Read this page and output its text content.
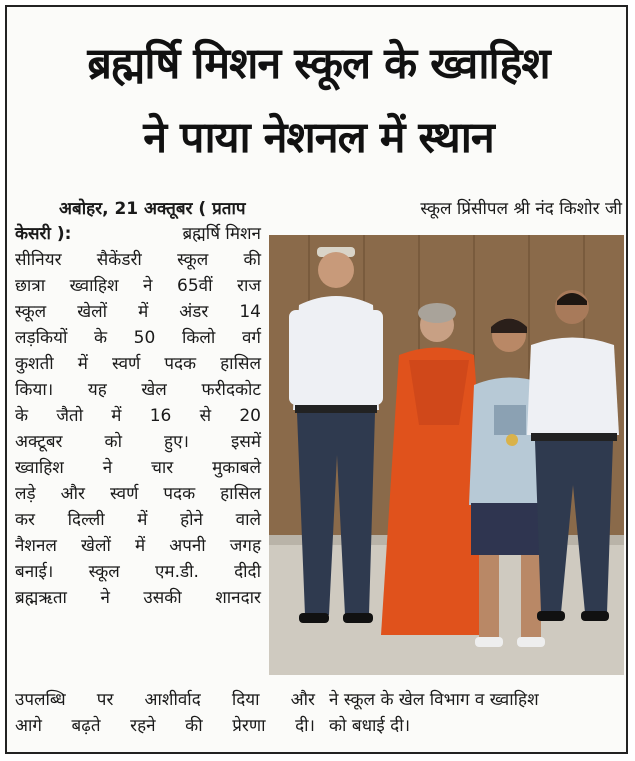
ब्रह्मर्षि मिशन स्कूल के ख्वाहिश
ने पाया नेशनल में स्थान
अबोहर, 21 अक्तूबर ( प्रताप
केसरी ):	ब्रह्मर्षि मिशन
सीनियर सैकेंडरी स्कूल की
छात्रा ख्वाहिश ने 65वीं राज
स्कूल खेलों में अंडर 14
लड़कियों के 50 किलो वर्ग
कुशती में स्वर्ण पदक हासिल
किया। यह खेल फरीदकोट
के जैतो में 16 से 20
अक्टूबर को हुए। इसमें
ख्वाहिश ने चार मुकाबले
लड़े और स्वर्ण पदक हासिल
कर दिल्ली में होने वाले
नैशनल खेलों में अपनी जगह
बनाई। स्कूल एम.डी. दीदी
ब्रह्मऋता ने उसकी शानदार
उपलब्धि पर आशीर्वाद दिया और
आगे बढ़ते रहने की प्रेरणा दी।
स्कूल प्रिंसीपल श्री नंद किशोर जी
ने स्कूल के खेल विभाग व ख्वाहिश
को बधाई दी।
